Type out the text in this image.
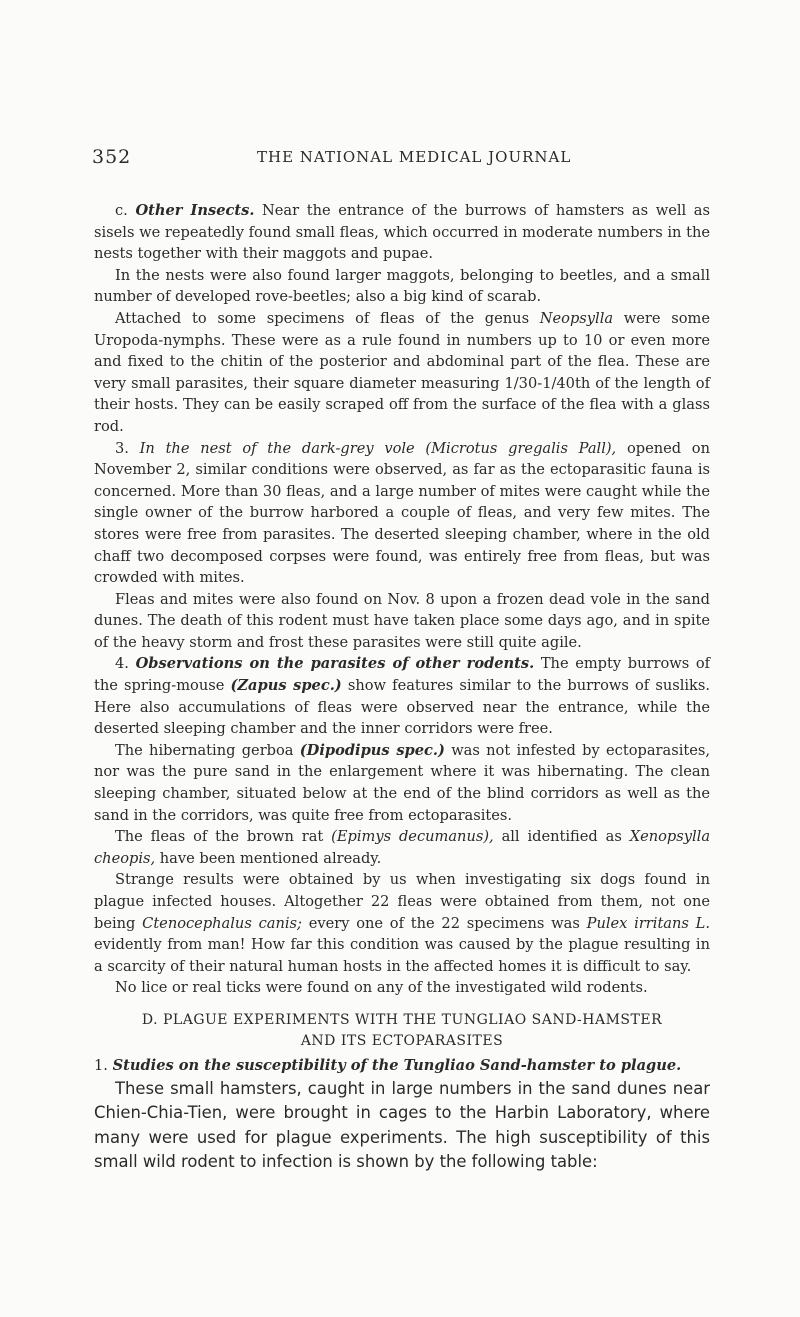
352	THE NATIONAL MEDICAL JOURNAL

c. Other Insects. Near the entrance of the burrows of hamsters as well as sisels we repeatedly found small fleas, which occurred in moderate numbers in the nests together with their maggots and pupae.

In the nests were also found larger maggots, belonging to beetles, and a small number of developed rove-beetles; also a big kind of scarab.

Attached to some specimens of fleas of the genus Neopsylla were some Uropoda-nymphs. These were as a rule found in numbers up to 10 or even more and fixed to the chitin of the posterior and abdominal part of the flea. These are very small parasites, their square diameter measuring 1/30-1/40th of the length of their hosts. They can be easily scraped off from the surface of the flea with a glass rod.

3. In the nest of the dark-grey vole (Microtus gregalis Pall), opened on November 2, similar conditions were observed, as far as the ectoparasitic fauna is concerned. More than 30 fleas, and a large number of mites were caught while the single owner of the burrow harbored a couple of fleas, and very few mites. The stores were free from parasites. The deserted sleeping chamber, where in the old chaff two decomposed corpses were found, was entirely free from fleas, but was crowded with mites.

Fleas and mites were also found on Nov. 8 upon a frozen dead vole in the sand dunes. The death of this rodent must have taken place some days ago, and in spite of the heavy storm and frost these parasites were still quite agile.

4. Observations on the parasites of other rodents. The empty burrows of the spring-mouse (Zapus spec.) show features similar to the burrows of susliks. Here also accumulations of fleas were observed near the entrance, while the deserted sleeping chamber and the inner corridors were free.

The hibernating gerboa (Dipodipus spec.) was not infested by ectoparasites, nor was the pure sand in the enlargement where it was hibernating. The clean sleeping chamber, situated below at the end of the blind corridors as well as the sand in the corridors, was quite free from ectoparasites.

The fleas of the brown rat (Epimys decumanus), all identified as Xenopsylla cheopis, have been mentioned already.

Strange results were obtained by us when investigating six dogs found in plague infected houses. Altogether 22 fleas were obtained from them, not one being Ctenocephalus canis; every one of the 22 specimens was Pulex irritans L. evidently from man! How far this condition was caused by the plague resulting in a scarcity of their natural human hosts in the affected homes it is difficult to say.

No lice or real ticks were found on any of the investigated wild rodents.

D. PLAGUE EXPERIMENTS WITH THE TUNGLIAO SAND-HAMSTER
AND ITS ECTOPARASITES

1. Studies on the susceptibility of the Tungliao Sand-hamster to plague.

These small hamsters, caught in large numbers in the sand dunes near Chien-Chia-Tien, were brought in cages to the Harbin Laboratory, where many were used for plague experiments. The high susceptibility of this small wild rodent to infection is shown by the following table:
